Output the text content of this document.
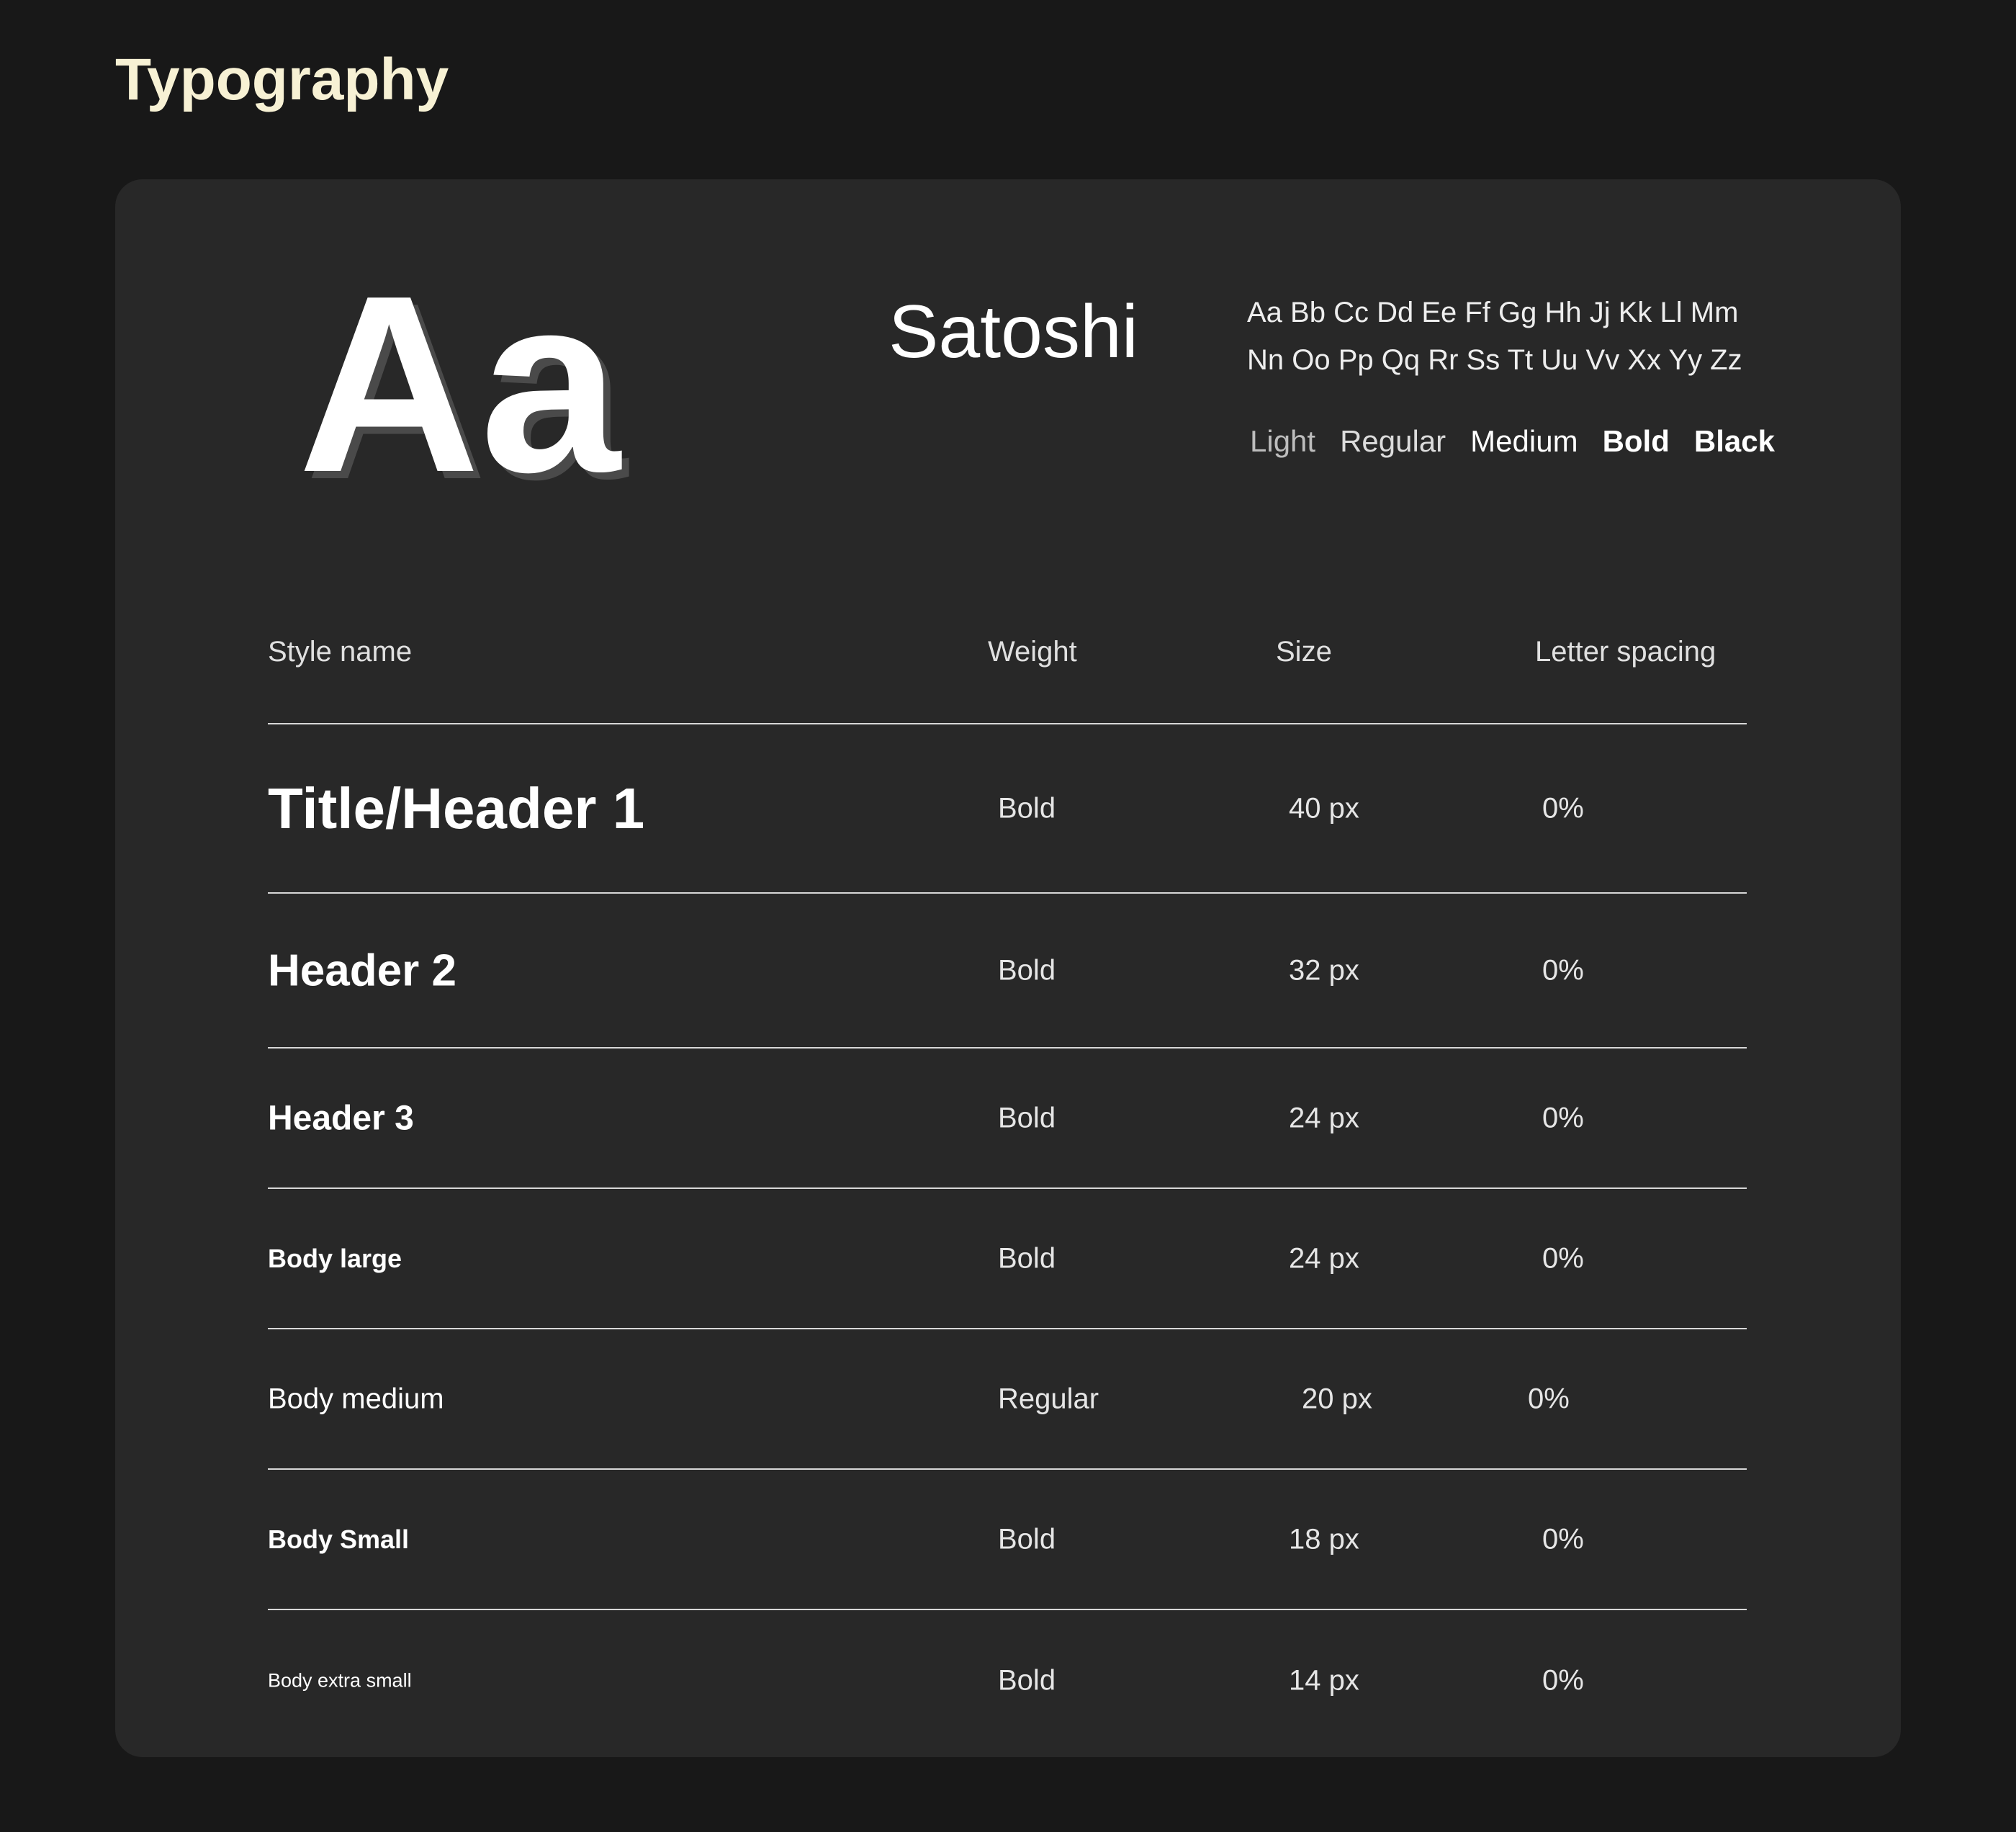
Typography
Aa	Satoshi	Aa Bb Cc Dd Ee Ff Gg Hh Jj Kk Ll Mm
Nn Oo Pp Qq Rr Ss Tt Uu Vv Xx Yy Zz
Light Regular Medium Bold Black
Style name	Weight	Size	Letter spacing
Title/Header 1	Bold	40 px	0%
Header 2	Bold	32 px	0%
Header 3	Bold	24 px	0%
Body large	Bold	24 px	0%
Body medium	Regular	20 px	0%
Body Small	Bold	18 px	0%
Body extra small	Bold	14 px	0%
